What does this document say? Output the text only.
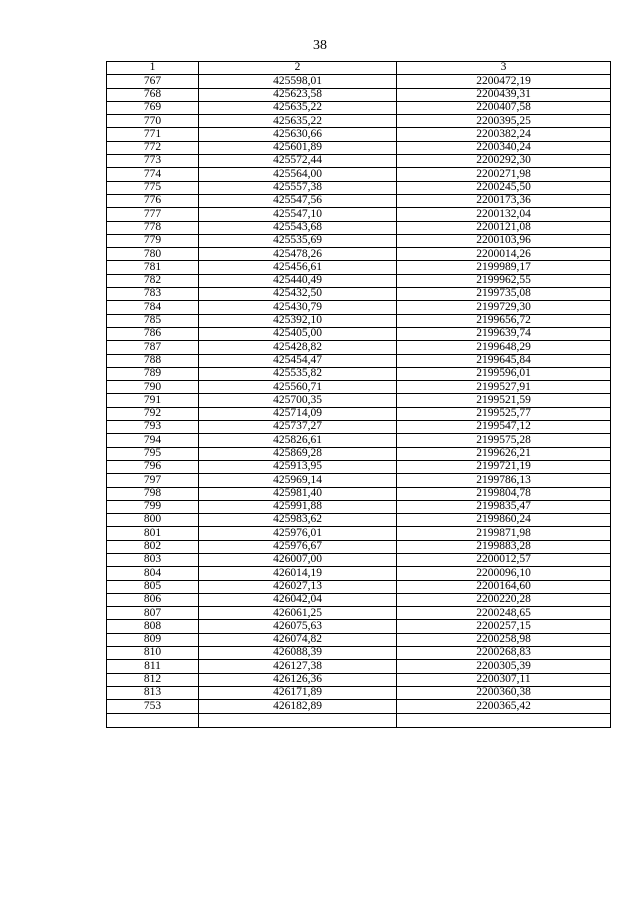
38
1	2	3
767	425598,01	2200472,19
768	425623,58	2200439,31
769	425635,22	2200407,58
770	425635,22	2200395,25
771	425630,66	2200382,24
772	425601,89	2200340,24
773	425572,44	2200292,30
774	425564,00	2200271,98
775	425557,38	2200245,50
776	425547,56	2200173,36
777	425547,10	2200132,04
778	425543,68	2200121,08
779	425535,69	2200103,96
780	425478,26	2200014,26
781	425456,61	2199989,17
782	425440,49	2199962,55
783	425432,50	2199735,08
784	425430,79	2199729,30
785	425392,10	2199656,72
786	425405,00	2199639,74
787	425428,82	2199648,29
788	425454,47	2199645,84
789	425535,82	2199596,01
790	425560,71	2199527,91
791	425700,35	2199521,59
792	425714,09	2199525,77
793	425737,27	2199547,12
794	425826,61	2199575,28
795	425869,28	2199626,21
796	425913,95	2199721,19
797	425969,14	2199786,13
798	425981,40	2199804,78
799	425991,88	2199835,47
800	425983,62	2199860,24
801	425976,01	2199871,98
802	425976,67	2199883,28
803	426007,00	2200012,57
804	426014,19	2200096,10
805	426027,13	2200164,60
806	426042,04	2200220,28
807	426061,25	2200248,65
808	426075,63	2200257,15
809	426074,82	2200258,98
810	426088,39	2200268,83
811	426127,38	2200305,39
812	426126,36	2200307,11
813	426171,89	2200360,38
753	426182,89	2200365,42
